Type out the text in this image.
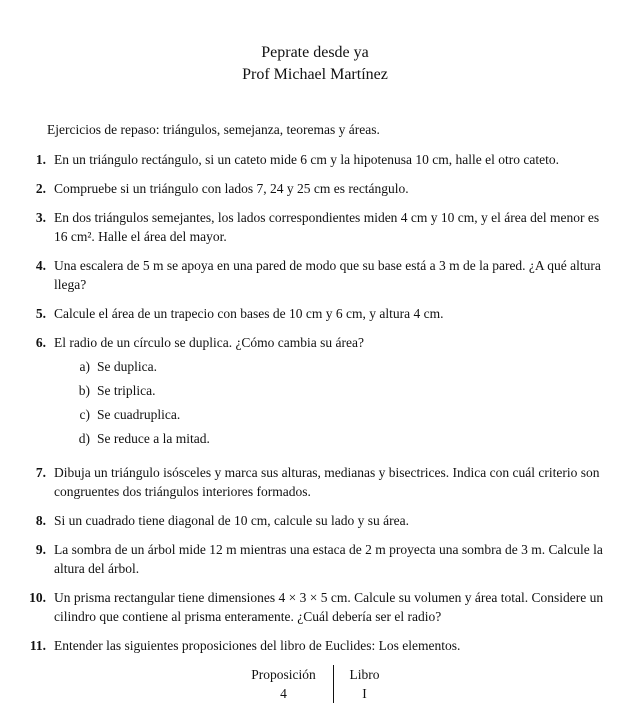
Peprate desde ya

Prof Michael Martínez

Ejercicios de repaso: triángulos, semejanza, teoremas y áreas.

1. En un triángulo rectángulo, si un cateto mide 6 cm y la hipotenusa 10 cm, halle el otro cateto.
2. Compruebe si un triángulo con lados 7, 24 y 25 cm es rectángulo.
3. En dos triángulos semejantes, los lados correspondientes miden 4 cm y 10 cm, y el área del menor es 16 cm². Halle el área del mayor.
4. Una escalera de 5 m se apoya en una pared de modo que su base está a 3 m de la pared. ¿A qué altura llega?
5. Calcule el área de un trapecio con bases de 10 cm y 6 cm, y altura 4 cm.
6. El radio de un círculo se duplica. ¿Cómo cambia su área?
a) Se duplica.
b) Se triplica.
c) Se cuadruplica.
d) Se reduce a la mitad.
7. Dibuja un triángulo isósceles y marca sus alturas, medianas y bisectrices. Indica con cuál criterio son congruentes dos triángulos interiores formados.
8. Si un cuadrado tiene diagonal de 10 cm, calcule su lado y su área.
9. La sombra de un árbol mide 12 m mientras una estaca de 2 m proyecta una sombra de 3 m. Calcule la altura del árbol.
10. Un prisma rectangular tiene dimensiones 4 × 3 × 5 cm. Calcule su volumen y área total. Considere un cilindro que contiene al prisma enteramente. ¿Cuál debería ser el radio?
11. Entender las siguientes proposiciones del libro de Euclides: Los elementos.
Proposición	Libro
4	I
